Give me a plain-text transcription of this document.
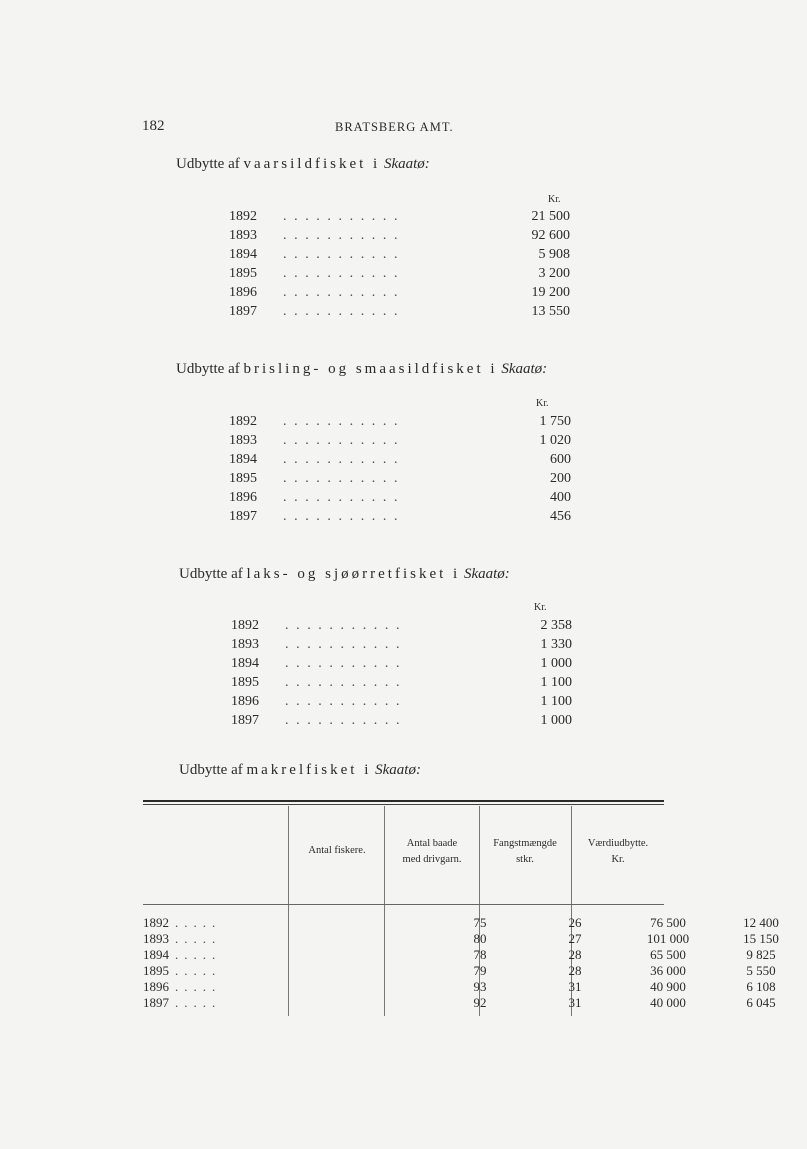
182	BRATSBERG AMT.
Udbytte af vaarsildfisket i Skaatø:
Kr.
1892 ...........	21 500
1893 ...........	92 600
1894 ...........	5 908
1895 ...........	3 200
1896 ...........	19 200
1897 ...........	13 550
Udbytte af brisling- og smaasildfisket i Skaatø:
Kr.
1892 ...........	1 750
1893 ...........	1 020
1894 ...........	600
1895 ...........	200
1896 ...........	400
1897 ...........	456
Udbytte af laks- og sjøørretfisket i Skaatø:
Kr.
1892 ...........	2 358
1893 ...........	1 330
1894 ...........	1 000
1895 ...........	1 100
1896 ...........	1 100
1897 ...........	1 000
Udbytte af makrelfisket i Skaatø:
Antal fiskere.
Antal baade
med drivgarn.
Fangstmængde
stkr.
Værdiudbytte.
Kr.
1892 .....	75	26	76 500	12 400
1893 .....	80	27	101 000	15 150
1894 .....	78	28	65 500	9 825
1895 .....	79	28	36 000	5 550
1896 .....	93	31	40 900	6 108
1897 .....	92	31	40 000	6 045
